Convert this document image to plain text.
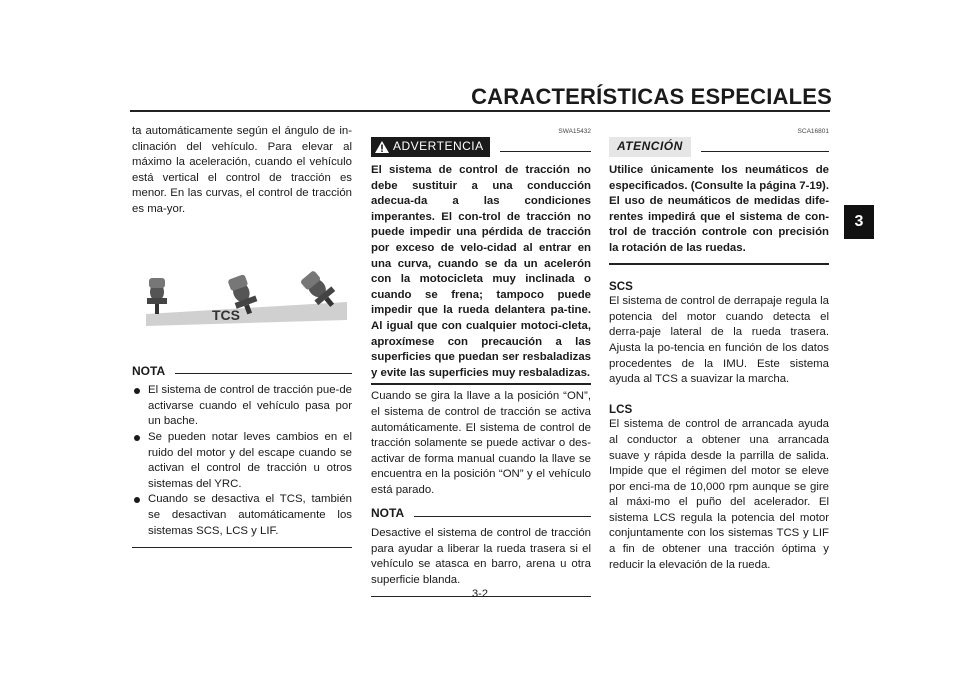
CARACTERÍSTICAS ESPECIALES
3

ta automáticamente según el ángulo de in-clinación del vehículo. Para elevar al máximo la aceleración, cuando el vehículo está vertical el control de tracción es menor. En las curvas, el control de tracción es ma-yor.

TCS
NOTA
El sistema de control de tracción pue-de activarse cuando el vehículo pasa por un bache.
Se pueden notar leves cambios en el ruido del motor y del escape cuando se activan el control de tracción u otros sistemas del YRC.
Cuando se desactiva el TCS, también se desactivan automáticamente los sistemas SCS, LCS y LIF.
SWA15432
ADVERTENCIA

El sistema de control de tracción no debe sustituir a una conducción adecua-da a las condiciones imperantes. El con-trol de tracción no puede impedir una pérdida de tracción por exceso de velo-cidad al entrar en una curva, cuando se da un acelerón con la motocicleta muy inclinada o cuando se frena; tampoco puede impedir que la rueda delantera pa-tine. Al igual que con cualquier motoci-cleta, aproxímese con precaución a las superficies que puedan ser resbaladizas y evite las superficies muy resbaladizas.

Cuando se gira la llave a la posición “ON”, el sistema de control de tracción se activa automáticamente. El sistema de control de tracción solamente se puede activar o des-activar de forma manual cuando la llave se encuentra en la posición “ON” y el vehículo está parado.

NOTA

Desactive el sistema de control de tracción para ayudar a liberar la rueda trasera si el vehículo se atasca en barro, arena u otra superficie blanda.

SCA16801
ATENCIÓN

Utilice únicamente los neumáticos de especificados. (Consulte la página 7-19). El uso de neumáticos de medidas dife-rentes impedirá que el sistema de con-trol de tracción controle con precisión la rotación de las ruedas.

SCS

El sistema de control de derrapaje regula la potencia del motor cuando detecta el derra-paje lateral de la rueda trasera. Ajusta la po-tencia en función de los datos procedentes de la IMU. Este sistema ayuda al TCS a suavizar la marcha.

LCS

El sistema de control de arrancada ayuda al conductor a obtener una arrancada suave y rápida desde la parrilla de salida. Impide que el régimen del motor se eleve por enci-ma de 10,000 rpm aunque se gire al máxi-mo el puño del acelerador. El sistema LCS regula la potencia del motor conjuntamente con los sistemas TCS y LIF a fin de obtener una tracción óptima y reducir la elevación de la rueda.

3-2
